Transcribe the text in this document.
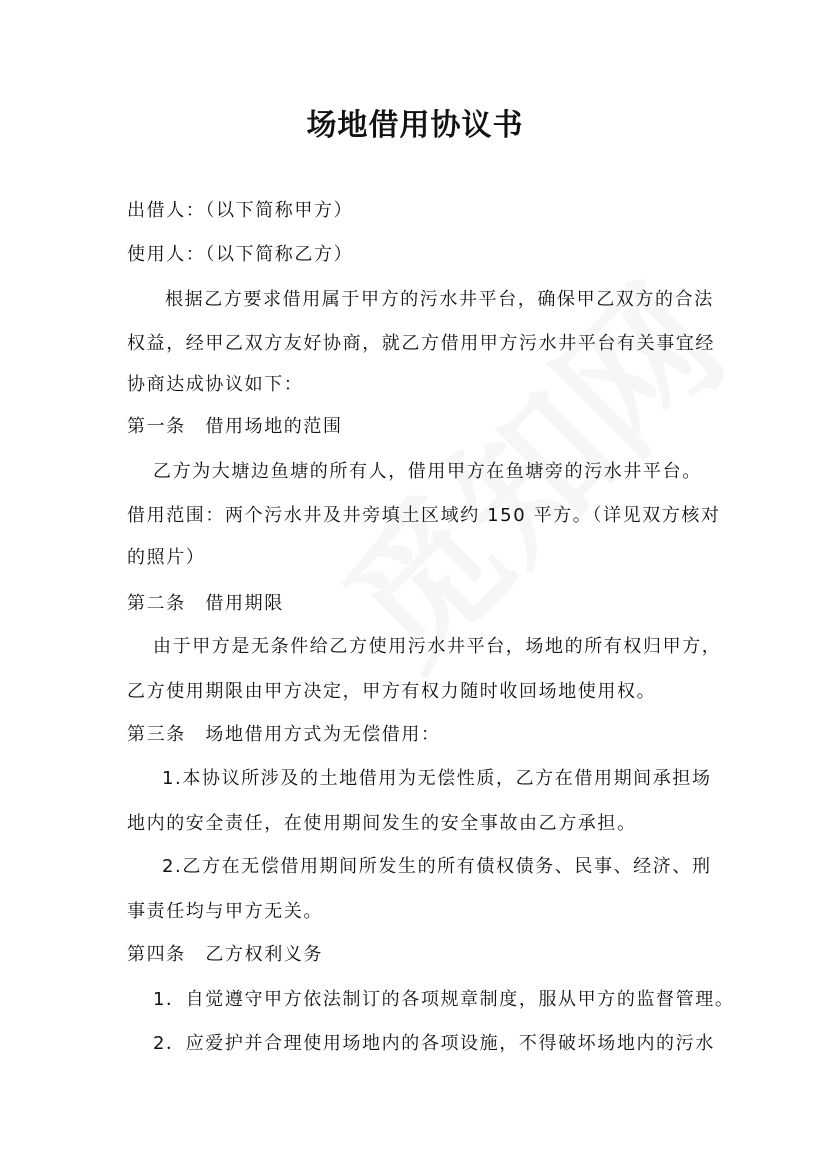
场地借用协议书
出借人：（以下简称甲方）
使用人：（以下简称乙方）
根据乙方要求借用属于甲方的污水井平台，确保甲乙双方的合法
权益，经甲乙双方友好协商，就乙方借用甲方污水井平台有关事宜经
协商达成协议如下：
第一条　借用场地的范围
乙方为大塘边鱼塘的所有人，借用甲方在鱼塘旁的污水井平台。
借用范围：两个污水井及井旁填土区域约 150 平方。（详见双方核对
的照片）
第二条　借用期限
由于甲方是无条件给乙方使用污水井平台，场地的所有权归甲方，
乙方使用期限由甲方决定，甲方有权力随时收回场地使用权。
第三条　场地借用方式为无偿借用：
1.本协议所涉及的土地借用为无偿性质，乙方在借用期间承担场
地内的安全责任，在使用期间发生的安全事故由乙方承担。
2.乙方在无偿借用期间所发生的所有债权债务、民事、经济、刑
事责任均与甲方无关。
第四条　乙方权利义务
1．自觉遵守甲方依法制订的各项规章制度，服从甲方的监督管理。
2．应爱护并合理使用场地内的各项设施，不得破坏场地内的污水
